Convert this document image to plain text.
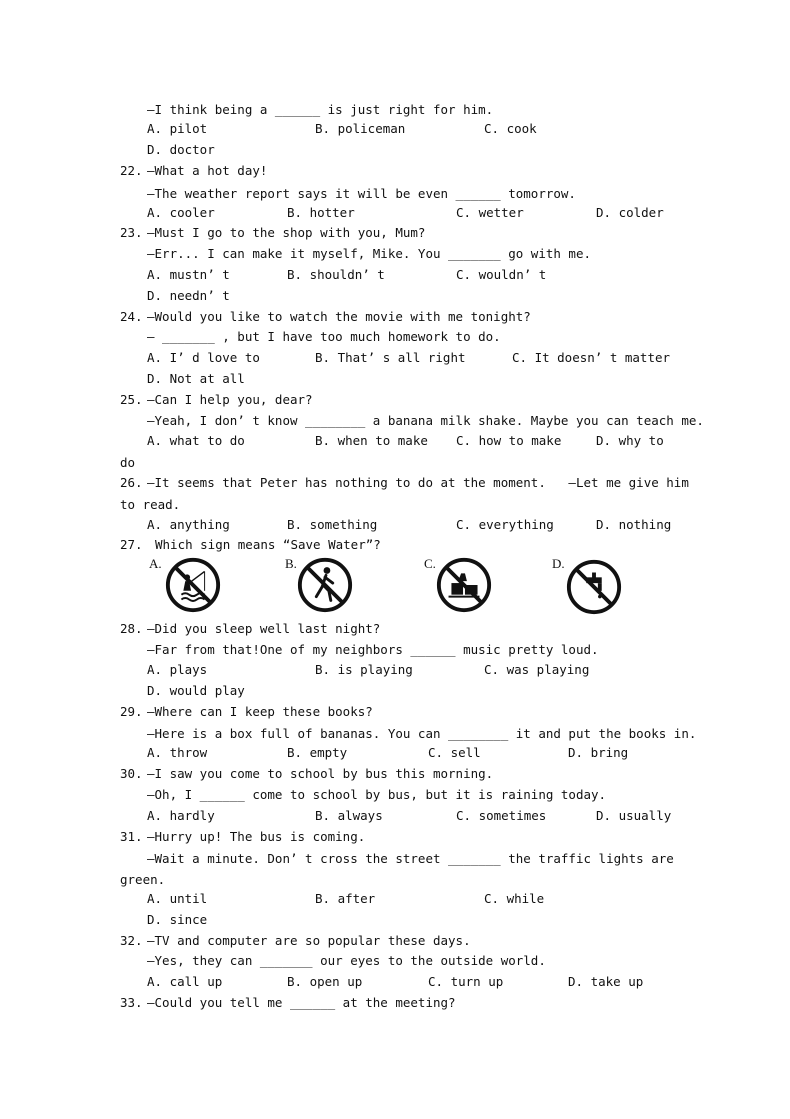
—I think being a ______ is just right for him.
A. pilot	B. policeman	C. cook
D. doctor
22. —What a hot day!
—The weather report says it will be even ______ tomorrow.
A. cooler	B. hotter	C. wetter	D. colder
23. —Must I go to the shop with you, Mum?
—Err... I can make it myself, Mike. You _______ go with me.
A. mustn’ t	B. shouldn’ t	C. wouldn’ t
D. needn’ t
24. —Would you like to watch the movie with me tonight?
— _______ , but I have too much homework to do.
A. I’ d love to	B. That’ s all right	C. It doesn’ t matter
D. Not at all
25. —Can I help you, dear?
—Yeah, I don’ t know ________ a banana milk shake. Maybe you can teach me.
A. what to do	B. when to make C. how to make	D. why to
do
26. —It seems that Peter has nothing to do at the moment.   —Let me give him
to read.
A. anything	B. something	C. everything	D. nothing
27. Which sign means “Save Water”?
A.	B.	C.	D.
28. —Did you sleep well last night?
—Far from that!One of my neighbors ______ music pretty loud.
A. plays	B. is playing	C. was playing
D. would play
29. —Where can I keep these books?
—Here is a box full of bananas. You can ________ it and put the books in.
A. throw	B. empty	C. sell	D. bring
30. —I saw you come to school by bus this morning.
—Oh, I ______ come to school by bus, but it is raining today.
A. hardly	B. always	C. sometimes	D. usually
31. —Hurry up! The bus is coming.
—Wait a minute. Don’ t cross the street _______ the traffic lights are
green.
A. until	B. after	C. while
D. since
32. —TV and computer are so popular these days.
—Yes, they can _______ our eyes to the outside world.
A. call up	B. open up	C. turn up	D. take up
33. —Could you tell me ______ at the meeting?
